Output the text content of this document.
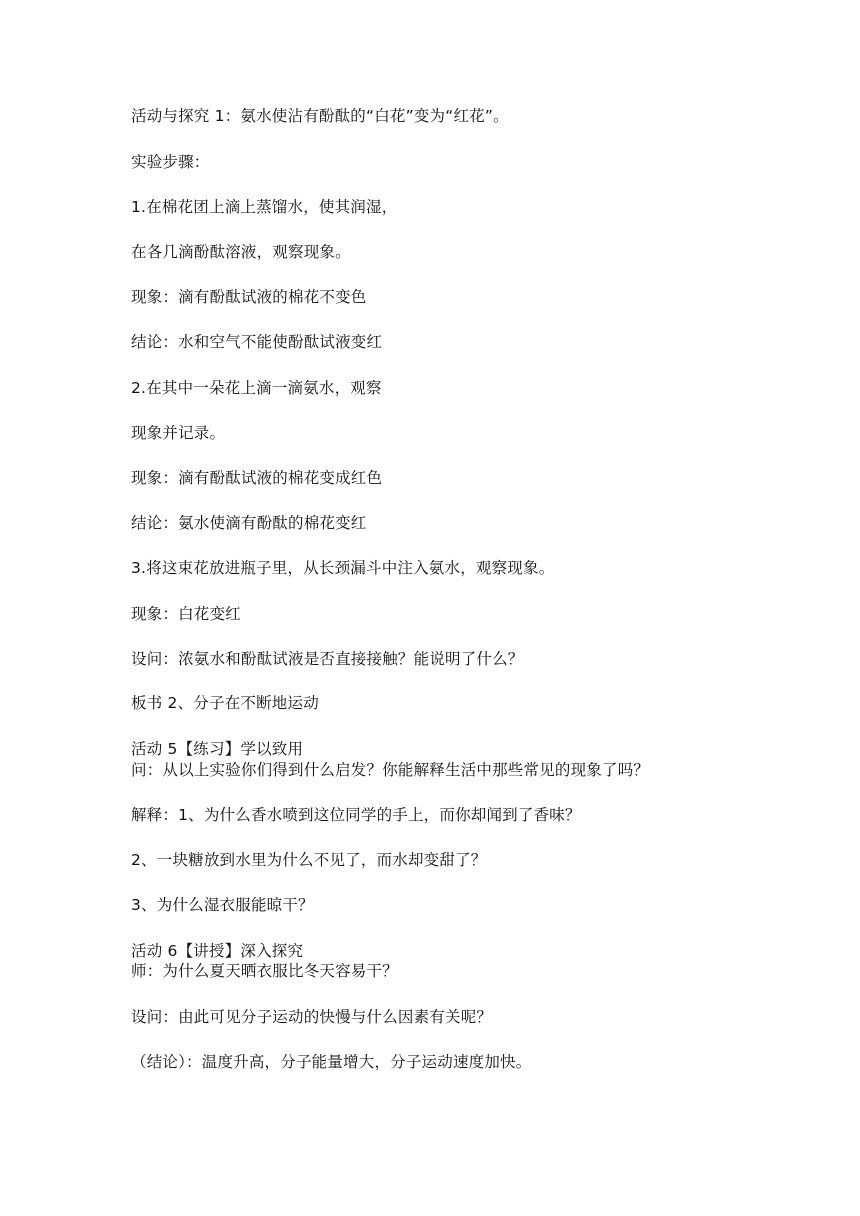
活动与探究 1：氨水使沾有酚酞的“白花”变为“红花”。
实验步骤：
1.在棉花团上滴上蒸馏水，使其润湿，
在各几滴酚酞溶液，观察现象。
现象：滴有酚酞试液的棉花不变色
结论：水和空气不能使酚酞试液变红
2.在其中一朵花上滴一滴氨水，观察
现象并记录。
现象：滴有酚酞试液的棉花变成红色
结论：氨水使滴有酚酞的棉花变红
3.将这束花放进瓶子里，从长颈漏斗中注入氨水，观察现象。
现象：白花变红
设问：浓氨水和酚酞试液是否直接接触？能说明了什么？
板书 2、分子在不断地运动
活动 5【练习】学以致用
问：从以上实验你们得到什么启发？你能解释生活中那些常见的现象了吗？
解释：1、为什么香水喷到这位同学的手上，而你却闻到了香味？
2、一块糖放到水里为什么不见了，而水却变甜了？
3、为什么湿衣服能晾干？
活动 6【讲授】深入探究
师：为什么夏天晒衣服比冬天容易干？
设问：由此可见分子运动的快慢与什么因素有关呢？
（结论）：温度升高，分子能量增大，分子运动速度加快。
